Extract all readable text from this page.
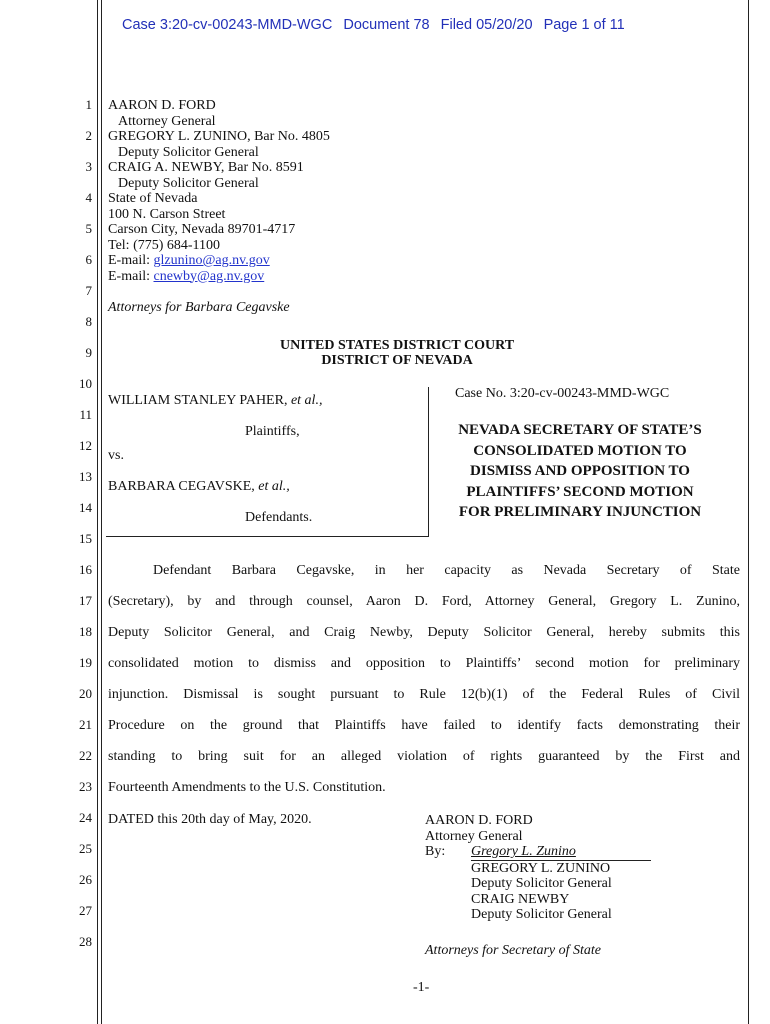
Case 3:20-cv-00243-MMD-WGC Document 78 Filed 05/20/20 Page 1 of 11
1
2
3
4
5
6
7
8
9
10
11
12
13
14
15
16
17
18
19
20
21
22
23
24
25
26
27
28
AARON D. FORD
Attorney General
GREGORY L. ZUNINO, Bar No. 4805
Deputy Solicitor General
CRAIG A. NEWBY, Bar No. 8591
Deputy Solicitor General
State of Nevada
100 N. Carson Street
Carson City, Nevada 89701-4717
Tel: (775) 684-1100
E-mail: glzunino@ag.nv.gov
E-mail: cnewby@ag.nv.gov
Attorneys for Barbara Cegavske
UNITED STATES DISTRICT COURT
DISTRICT OF NEVADA
WILLIAM STANLEY PAHER, et al.,
Plaintiffs,
vs.
BARBARA CEGAVSKE, et al.,
Defendants.
Case No. 3:20-cv-00243-MMD-WGC
NEVADA SECRETARY OF STATE’S
CONSOLIDATED MOTION TO
DISMISS AND OPPOSITION TO
PLAINTIFFS’ SECOND MOTION
FOR PRELIMINARY INJUNCTION
Defendant Barbara Cegavske, in her capacity as Nevada Secretary of State
(Secretary), by and through counsel, Aaron D. Ford, Attorney General, Gregory L. Zunino,
Deputy Solicitor General, and Craig Newby, Deputy Solicitor General, hereby submits this
consolidated motion to dismiss and opposition to Plaintiffs’ second motion for preliminary
injunction. Dismissal is sought pursuant to Rule 12(b)(1) of the Federal Rules of Civil
Procedure on the ground that Plaintiffs have failed to identify facts demonstrating their
standing to bring suit for an alleged violation of rights guaranteed by the First and
Fourteenth Amendments to the U.S. Constitution.
DATED this 20th day of May, 2020.	AARON D. FORD
Attorney General
By: Gregory L. Zunino
GREGORY L. ZUNINO
Deputy Solicitor General
CRAIG NEWBY
Deputy Solicitor General
Attorneys for Secretary of State
-1-
